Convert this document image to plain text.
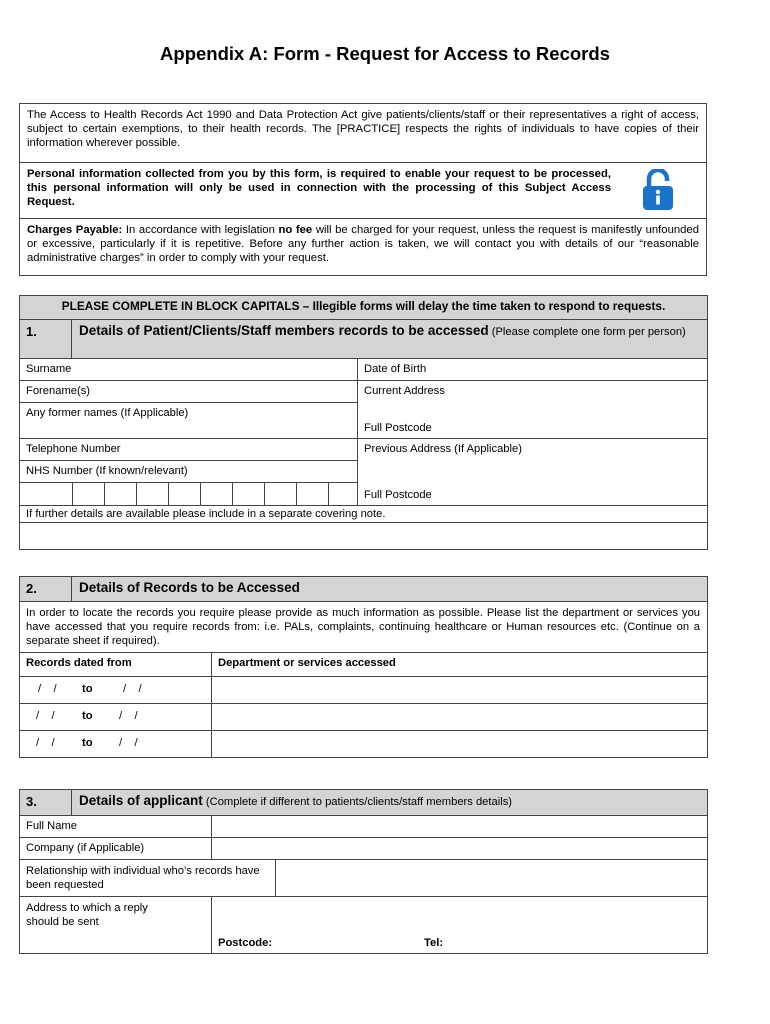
Appendix A: Form - Request for Access to Records
The Access to Health Records Act 1990 and Data Protection Act give patients/clients/staff or their representatives a right of access, subject to certain exemptions, to their health records. The [PRACTICE] respects the rights of individuals to have copies of their information wherever possible.
Personal information collected from you by this form, is required to enable your request to be processed, this personal information will only be used in connection with the processing of this Subject Access Request.

Charges Payable: In accordance with legislation no fee will be charged for your request, unless the request is manifestly unfounded or excessive, particularly if it is repetitive. Before any further action is taken, we will contact you with details of our “reasonable administrative charges” in order to comply with your request.
PLEASE COMPLETE IN BLOCK CAPITALS – Illegible forms will delay the time taken to respond to requests.		
1.	Details of Patient/Clients/Staff members records to be accessed (Please complete one form per person)	
Surname		Date of Birth
Forename(s)		Current Address
Full Postcode

Any former names (If Applicable)		
Telephone Number		Previous Address (If Applicable)
Full Postcode

NHS Number (If known/relevant)		

If further details are available please include in a separate covering note.		

2.	Details of Records to be Accessed	
In order to locate the records you require please provide as much information as possible. Please list the department or services you have accessed that you require records from: i.e. PALs, complaints, continuing healthcare or Human resources etc. (Continue on a separate sheet if required).		
Records dated from		Department or services accessed

/    / to /    /		

/    / to /    /		

/    / to /    /		

3.	Details of applicant (Complete if different to patients/clients/staff members details)		
Full Name			
Company (if Applicable)			
Relationship with individual who’s records have been requested			
Address to which a reply should be sent		Postcode: Tel:	
